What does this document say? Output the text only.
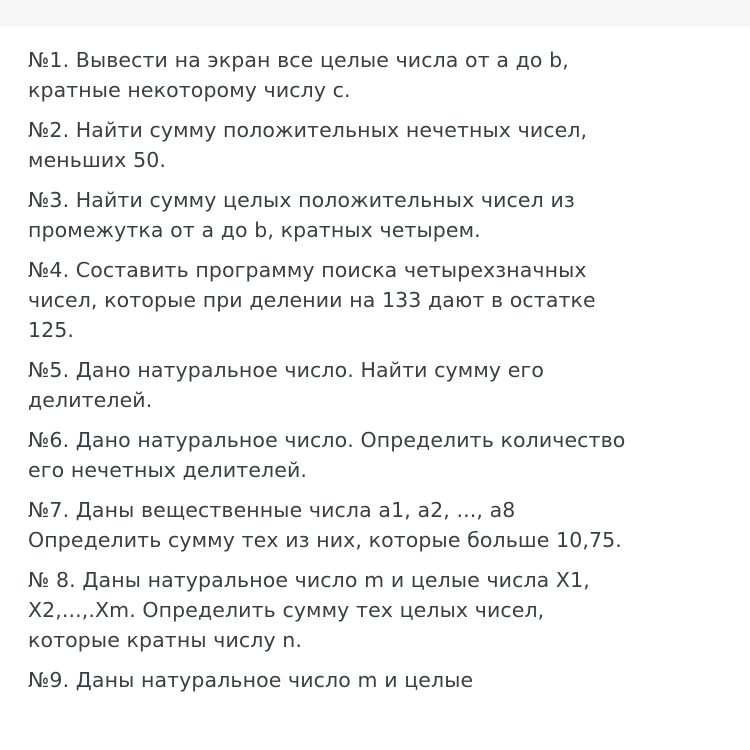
№1. Вывести на экран все целые числа от a до b, кратные некоторому числу c.

№2. Найти сумму положительных нечетных чисел, меньших 50.

№3. Найти сумму целых положительных чисел из промежутка от a до b, кратных четырем.

№4. Составить программу поиска четырехзначных чисел, которые при делении на 133 дают в остатке 125.

№5. Дано натуральное число. Найти сумму его делителей.

№6. Дано натуральное число. Определить количество его нечетных делителей.

№7. Даны вещественные числа a1, a2, ..., a8 Определить сумму тех из них, которые больше 10,75.

№ 8. Даны натуральное число m и целые числа X1, X2,...,.Xm. Определить сумму тех целых чисел, которые кратны числу n.

№9. Даны натуральное число m и целые
